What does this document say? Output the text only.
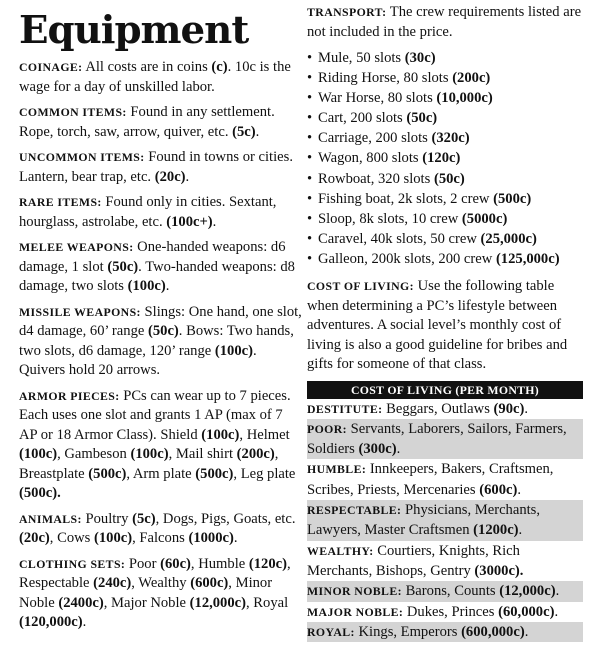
Equipment

COINAGE: All costs are in coins (c). 10c is the wage for a day of unskilled labor.

COMMON ITEMS: Found in any settlement. Rope, torch, saw, arrow, quiver, etc. (5c).

UNCOMMON ITEMS: Found in towns or cities. Lantern, bear trap, etc. (20c).

RARE ITEMS: Found only in cities. Sextant, hourglass, astrolabe, etc. (100c+).

MELEE WEAPONS: One-handed weapons: d6 damage, 1 slot (50c). Two-handed weapons: d8 damage, two slots (100c).

MISSILE WEAPONS: Slings: One hand, one slot, d4 damage, 60’ range (50c). Bows: Two hands, two slots, d6 damage, 120’ range (100c). Quivers hold 20 arrows.

ARMOR PIECES: PCs can wear up to 7 pieces. Each uses one slot and grants 1 AP (max of 7 AP or 18 Armor Class). Shield (100c), Helmet (100c), Gambeson (100c), Mail shirt (200c), Breastplate (500c), Arm plate (500c), Leg plate (500c).

ANIMALS: Poultry (5c), Dogs, Pigs, Goats, etc. (20c), Cows (100c), Falcons (1000c).

CLOTHING SETS: Poor (60c), Humble (120c), Respectable (240c), Wealthy (600c), Minor Noble (2400c), Major Noble (12,000c), Royal (120,000c).

TRANSPORT: The crew requirements listed are not included in the price.

• Mule, 50 slots (30c)
• Riding Horse, 80 slots (200c)
• War Horse, 80 slots (10,000c)
• Cart, 200 slots (50c)
• Carriage, 200 slots (320c)
• Wagon, 800 slots (120c)
• Rowboat, 320 slots (50c)
• Fishing boat, 2k slots, 2 crew (500c)
• Sloop, 8k slots, 10 crew (5000c)
• Caravel, 40k slots, 50 crew (25,000c)
• Galleon, 200k slots, 200 crew (125,000c)

COST OF LIVING: Use the following table when determining a PC’s lifestyle between adventures. A social level’s monthly cost of living is also a good guideline for bribes and gifts for someone of that class.

COST OF LIVING (PER MONTH)
DESTITUTE: Beggars, Outlaws (90c).
POOR: Servants, Laborers, Sailors, Farmers, Soldiers (300c).
HUMBLE: Innkeepers, Bakers, Craftsmen, Scribes, Priests, Mercenaries (600c).
RESPECTABLE: Physicians, Merchants, Lawyers, Master Craftsmen (1200c).
WEALTHY: Courtiers, Knights, Rich Merchants, Bishops, Gentry (3000c).
MINOR NOBLE: Barons, Counts (12,000c).
MAJOR NOBLE: Dukes, Princes (60,000c).
ROYAL: Kings, Emperors (600,000c).
